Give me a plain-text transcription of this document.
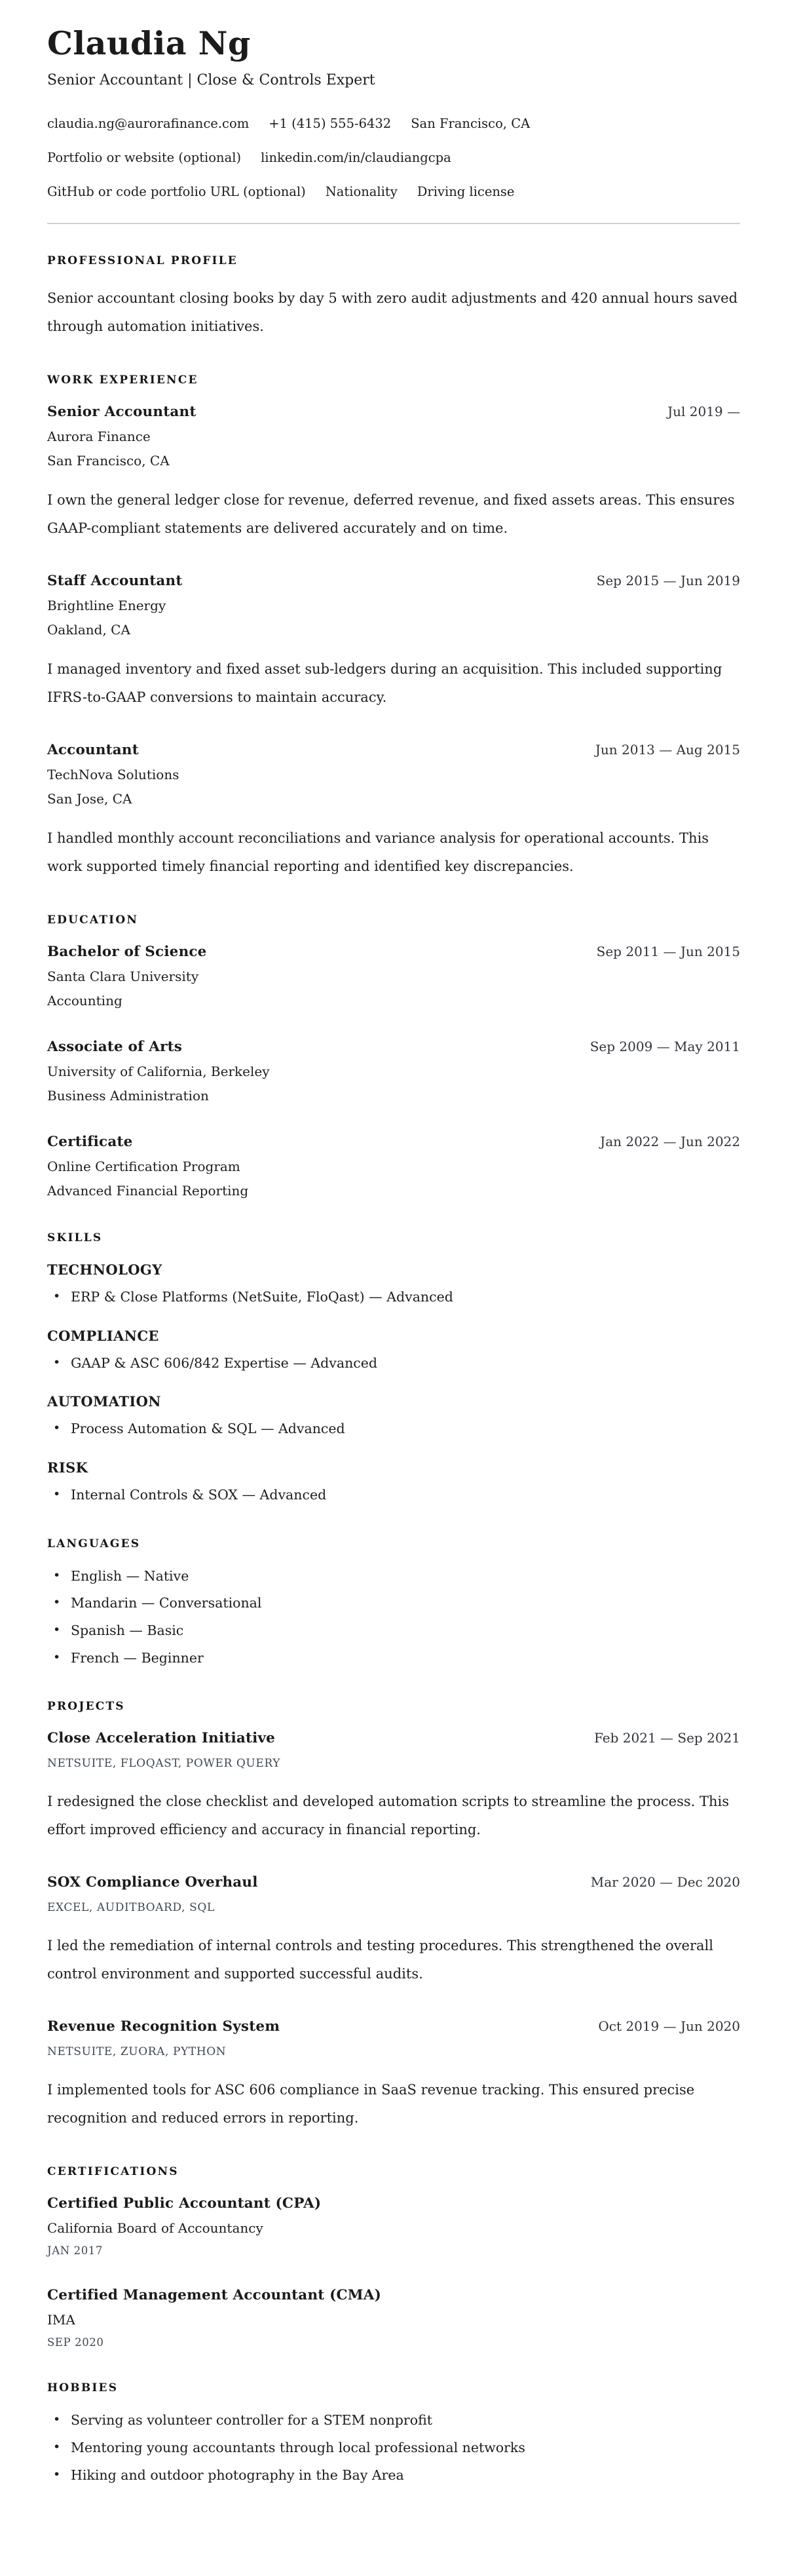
Claudia Ng

Senior Accountant | Close & Controls Expert

claudia.ng@aurorafinance.com +1 (415) 555-6432 San Francisco, CA
Portfolio or website (optional) linkedin.com/in/claudiangcpa
GitHub or code portfolio URL (optional) Nationality Driving license
PROFESSIONAL PROFILE

Senior accountant closing books by day 5 with zero audit adjustments and 420 annual hours saved through automation initiatives.

WORK EXPERIENCE
Senior Accountant	Jul 2019 —

Aurora Finance

San Francisco, CA

I own the general ledger close for revenue, deferred revenue, and fixed assets areas. This ensures GAAP-compliant statements are delivered accurately and on time.

Staff Accountant	Sep 2015 — Jun 2019

Brightline Energy

Oakland, CA

I managed inventory and fixed asset sub-ledgers during an acquisition. This included supporting IFRS-to-GAAP conversions to maintain accuracy.

Accountant	Jun 2013 — Aug 2015

TechNova Solutions

San Jose, CA

I handled monthly account reconciliations and variance analysis for operational accounts. This work supported timely financial reporting and identified key discrepancies.

EDUCATION
Bachelor of Science	Sep 2011 — Jun 2015

Santa Clara University

Accounting

Associate of Arts	Sep 2009 — May 2011

University of California, Berkeley

Business Administration

Certificate	Jan 2022 — Jun 2022

Online Certification Program

Advanced Financial Reporting

SKILLS
TECHNOLOGY
• ERP & Close Platforms (NetSuite, FloQast) — Advanced
COMPLIANCE
• GAAP & ASC 606/842 Expertise — Advanced
AUTOMATION
• Process Automation & SQL — Advanced
RISK
• Internal Controls & SOX — Advanced
LANGUAGES
• English — Native
• Mandarin — Conversational
• Spanish — Basic
• French — Beginner
PROJECTS
Close Acceleration Initiative	Feb 2021 — Sep 2021

NETSUITE, FLOQAST, POWER QUERY

I redesigned the close checklist and developed automation scripts to streamline the process. This effort improved efficiency and accuracy in financial reporting.

SOX Compliance Overhaul	Mar 2020 — Dec 2020

EXCEL, AUDITBOARD, SQL

I led the remediation of internal controls and testing procedures. This strengthened the overall control environment and supported successful audits.

Revenue Recognition System	Oct 2019 — Jun 2020

NETSUITE, ZUORA, PYTHON

I implemented tools for ASC 606 compliance in SaaS revenue tracking. This ensured precise recognition and reduced errors in reporting.

CERTIFICATIONS
Certified Public Accountant (CPA)

California Board of Accountancy

JAN 2017

Certified Management Accountant (CMA)

IMA

SEP 2020

HOBBIES
• Serving as volunteer controller for a STEM nonprofit
• Mentoring young accountants through local professional networks
• Hiking and outdoor photography in the Bay Area
